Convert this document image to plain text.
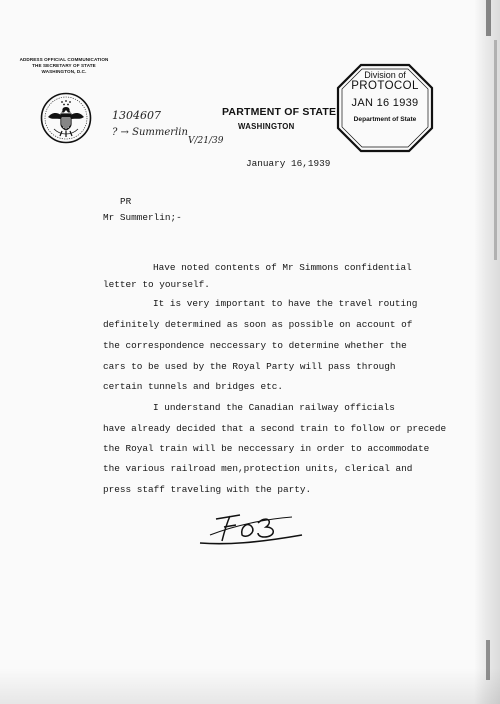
ADDRESS OFFICIAL COMMUNICATION
THE SECRETARY OF STATE
WASHINGTON, D.C.
1304607
? → Summerlin
V/21/39
PARTMENT OF STATE
WASHINGTON
Division of
PROTOCOL
JAN 16 1939
Department of State
January 16,1939
PR
Mr Summerlin;-
Have noted contents of Mr Simmons confidential
letter to yourself.
It is very important to have the travel routing
definitely determined as soon as possible on account of
the correspondence neccessary to determine whether the
cars to be used by the Royal Party will pass through
certain tunnels and bridges etc.
I understand the Canadian railway officials
have already decided that a second train to follow or precede
the Royal train will be neccessary in order to accommodate
the various railroad men,protection units, clerical and
press staff traveling with the party.
